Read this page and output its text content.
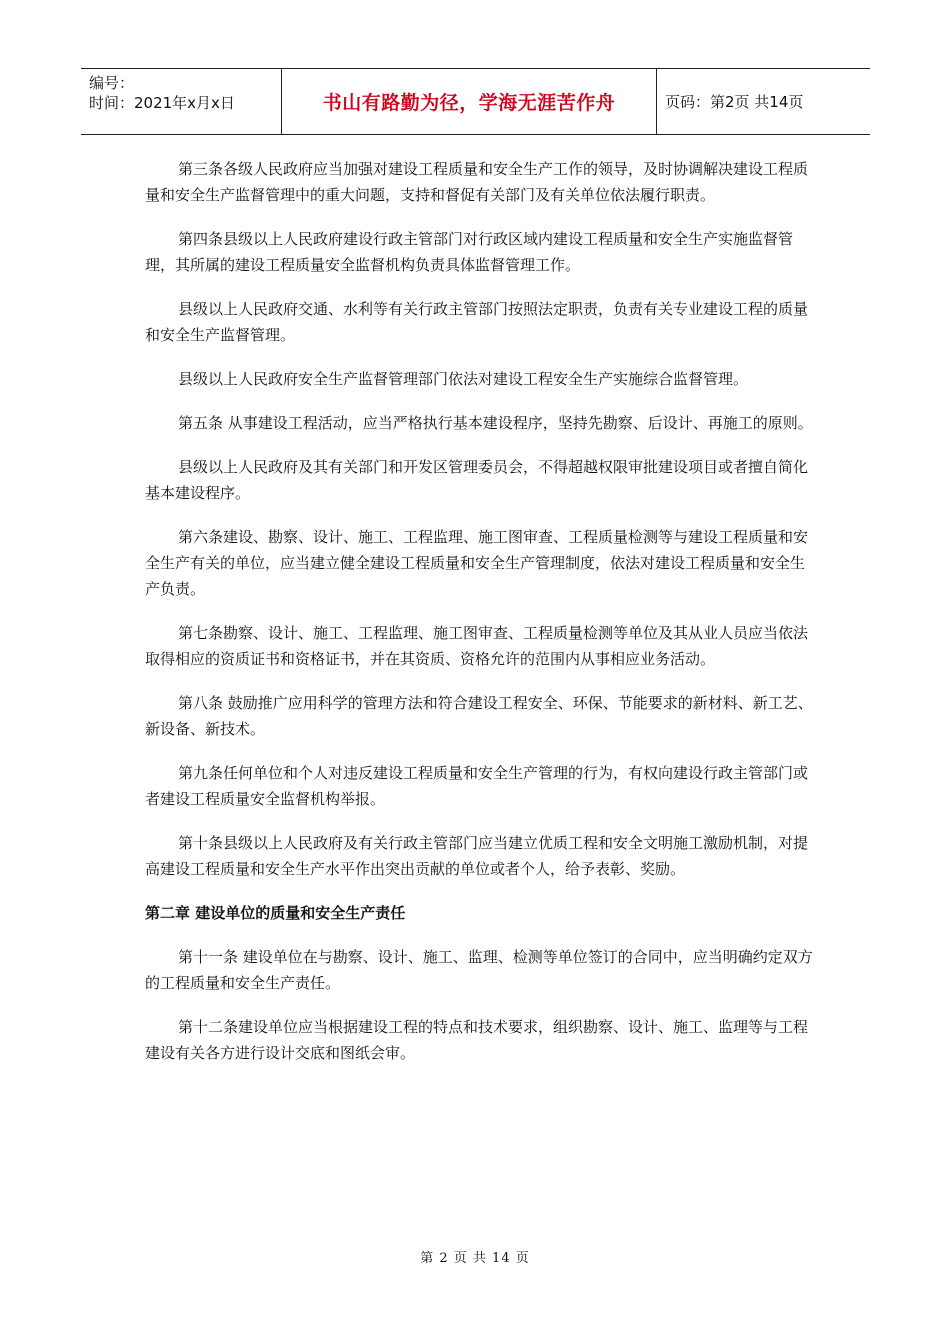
编号：
时间：2021年x月x日	书山有路勤为径，学海无涯苦作舟	页码：第2页 共14页

第三条各级人民政府应当加强对建设工程质量和安全生产工作的领导，及时协调解决建设工程质量和安全生产监督管理中的重大问题，支持和督促有关部门及有关单位依法履行职责。

第四条县级以上人民政府建设行政主管部门对行政区域内建设工程质量和安全生产实施监督管理，其所属的建设工程质量安全监督机构负责具体监督管理工作。

县级以上人民政府交通、水利等有关行政主管部门按照法定职责，负责有关专业建设工程的质量和安全生产监督管理。

县级以上人民政府安全生产监督管理部门依法对建设工程安全生产实施综合监督管理。

第五条 从事建设工程活动，应当严格执行基本建设程序，坚持先勘察、后设计、再施工的原则。

县级以上人民政府及其有关部门和开发区管理委员会，不得超越权限审批建设项目或者擅自简化基本建设程序。

第六条建设、勘察、设计、施工、工程监理、施工图审查、工程质量检测等与建设工程质量和安全生产有关的单位，应当建立健全建设工程质量和安全生产管理制度，依法对建设工程质量和安全生产负责。

第七条勘察、设计、施工、工程监理、施工图审查、工程质量检测等单位及其从业人员应当依法取得相应的资质证书和资格证书，并在其资质、资格允许的范围内从事相应业务活动。

第八条 鼓励推广应用科学的管理方法和符合建设工程安全、环保、节能要求的新材料、新工艺、新设备、新技术。

第九条任何单位和个人对违反建设工程质量和安全生产管理的行为，有权向建设行政主管部门或者建设工程质量安全监督机构举报。

第十条县级以上人民政府及有关行政主管部门应当建立优质工程和安全文明施工激励机制，对提高建设工程质量和安全生产水平作出突出贡献的单位或者个人，给予表彰、奖励。

第二章 建设单位的质量和安全生产责任

第十一条 建设单位在与勘察、设计、施工、监理、检测等单位签订的合同中，应当明确约定双方的工程质量和安全生产责任。

第十二条建设单位应当根据建设工程的特点和技术要求，组织勘察、设计、施工、监理等与工程建设有关各方进行设计交底和图纸会审。

第 2 页 共 14 页
